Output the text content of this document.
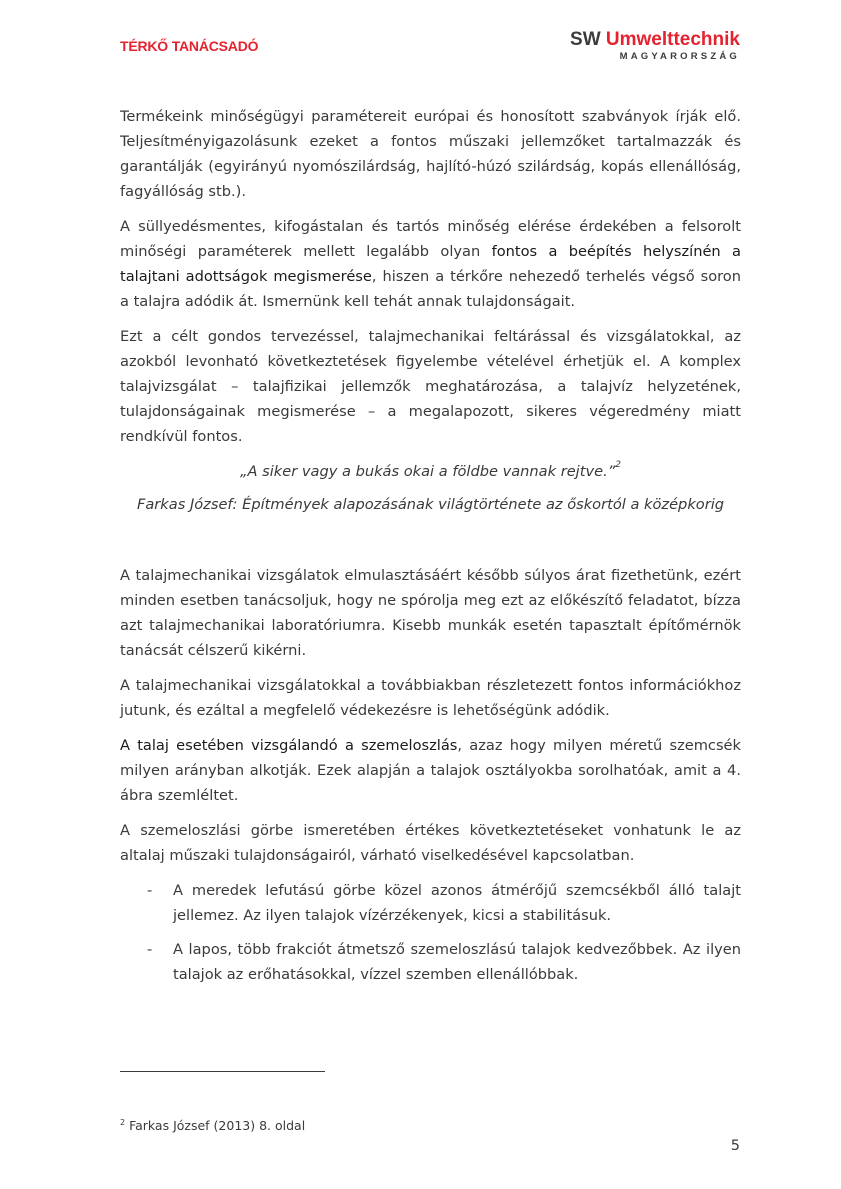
TÉRKŐ TANÁCSADÓ	SW Umwelttechnik
MAGYARORSZÁG

Termékeink minőségügyi paramétereit európai és honosított szabványok írják elő. Teljesítményigazolásunk ezeket a fontos műszaki jellemzőket tartalmazzák és garantálják (egyirányú nyomószilárdság, hajlító-húzó szilárdság, kopás ellenállóság, fagyállóság stb.).

A süllyedésmentes, kifogástalan és tartós minőség elérése érdekében a felsorolt minőségi paraméterek mellett legalább olyan fontos a beépítés helyszínén a talajtani adottságok megismerése, hiszen a térkőre nehezedő terhelés végső soron a talajra adódik át. Ismernünk kell tehát annak tulajdonságait.

Ezt a célt gondos tervezéssel, talajmechanikai feltárással és vizsgálatokkal, az azokból levonható következtetések figyelembe vételével érhetjük el. A komplex talajvizsgálat – talajfizikai jellemzők meghatározása, a talajvíz helyzetének, tulajdonságainak megismerése – a megalapozott, sikeres végeredmény miatt rendkívül fontos.

„A siker vagy a bukás okai a földbe vannak rejtve.”$^2$
Farkas József: Építmények alapozásának világtörténete az őskortól a középkorig

A talajmechanikai vizsgálatok elmulasztásáért később súlyos árat fizethetünk, ezért minden esetben tanácsoljuk, hogy ne spórolja meg ezt az előkészítő feladatot, bízza azt talajmechanikai laboratóriumra. Kisebb munkák esetén tapasztalt építőmérnök tanácsát célszerű kikérni.

A talajmechanikai vizsgálatokkal a továbbiakban részletezett fontos információkhoz jutunk, és ezáltal a megfelelő védekezésre is lehetőségünk adódik.

A talaj esetében vizsgálandó a szemeloszlás, azaz hogy milyen méretű szemcsék milyen arányban alkotják. Ezek alapján a talajok osztályokba sorolhatóak, amit a 4. ábra szemléltet.

A szemeloszlási görbe ismeretében értékes következtetéseket vonhatunk le az altalaj műszaki tulajdonságairól, várható viselkedésével kapcsolatban.

- A meredek lefutású görbe közel azonos átmérőjű szemcsékből álló talajt jellemez. Az ilyen talajok vízérzékenyek, kicsi a stabilitásuk.
- A lapos, több frakciót átmetsző szemeloszlású talajok kedvezőbbek. Az ilyen talajok az erőhatásokkal, vízzel szemben ellenállóbbak.
$^2$ Farkas József (2013) 8. oldal
5
